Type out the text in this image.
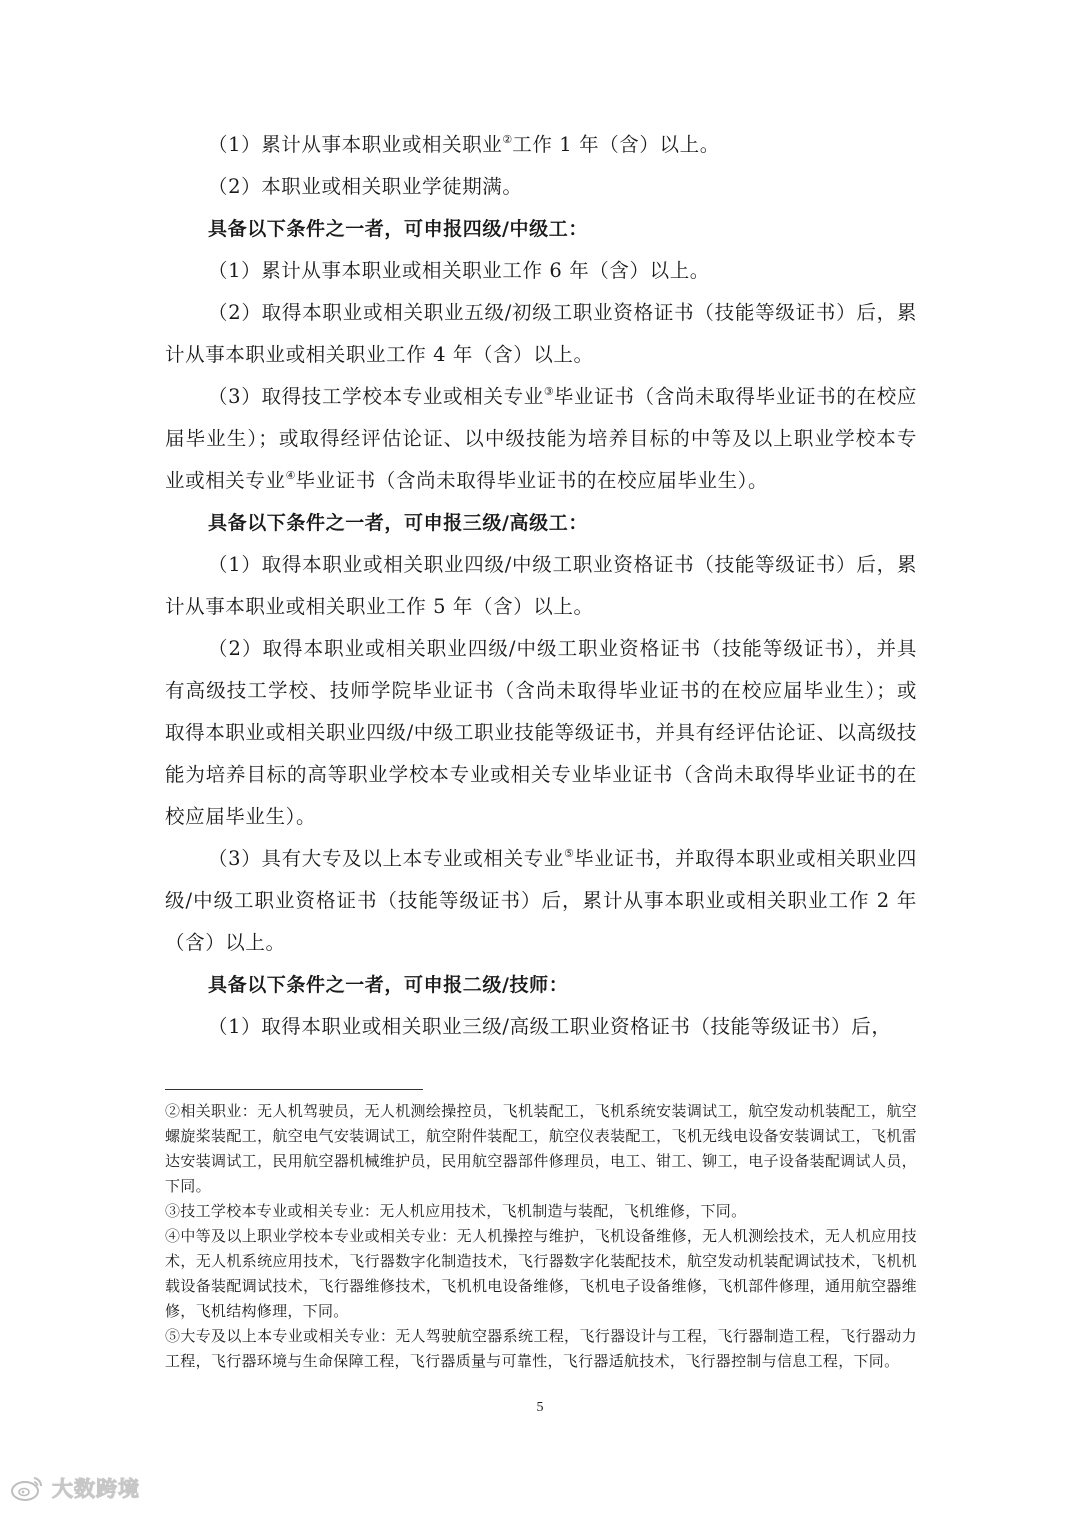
（1）累计从事本职业或相关职业②工作 1 年（含）以上。

（2）本职业或相关职业学徒期满。

具备以下条件之一者，可申报四级/中级工：

（1）累计从事本职业或相关职业工作 6 年（含）以上。

（2）取得本职业或相关职业五级/初级工职业资格证书（技能等级证书）后，累计从事本职业或相关职业工作 4 年（含）以上。

（3）取得技工学校本专业或相关专业③毕业证书（含尚未取得毕业证书的在校应届毕业生）；或取得经评估论证、以中级技能为培养目标的中等及以上职业学校本专业或相关专业④毕业证书（含尚未取得毕业证书的在校应届毕业生）。

具备以下条件之一者，可申报三级/高级工：

（1）取得本职业或相关职业四级/中级工职业资格证书（技能等级证书）后，累计从事本职业或相关职业工作 5 年（含）以上。

（2）取得本职业或相关职业四级/中级工职业资格证书（技能等级证书），并具有高级技工学校、技师学院毕业证书（含尚未取得毕业证书的在校应届毕业生）；或取得本职业或相关职业四级/中级工职业技能等级证书，并具有经评估论证、以高级技能为培养目标的高等职业学校本专业或相关专业毕业证书（含尚未取得毕业证书的在校应届毕业生）。

（3）具有大专及以上本专业或相关专业⑤毕业证书，并取得本职业或相关职业四级/中级工职业资格证书（技能等级证书）后，累计从事本职业或相关职业工作 2 年（含）以上。

具备以下条件之一者，可申报二级/技师：

（1）取得本职业或相关职业三级/高级工职业资格证书（技能等级证书）后，

②相关职业：无人机驾驶员，无人机测绘操控员，飞机装配工，飞机系统安装调试工，航空发动机装配工，航空螺旋桨装配工，航空电气安装调试工，航空附件装配工，航空仪表装配工，飞机无线电设备安装调试工，飞机雷达安装调试工，民用航空器机械维护员，民用航空器部件修理员，电工、钳工、铆工，电子设备装配调试人员，下同。

③技工学校本专业或相关专业：无人机应用技术，飞机制造与装配，飞机维修，下同。

④中等及以上职业学校本专业或相关专业：无人机操控与维护，飞机设备维修，无人机测绘技术，无人机应用技术，无人机系统应用技术，飞行器数字化制造技术，飞行器数字化装配技术，航空发动机装配调试技术，飞机机载设备装配调试技术，飞行器维修技术，飞机机电设备维修，飞机电子设备维修，飞机部件修理，通用航空器维修，飞机结构修理，下同。

⑤大专及以上本专业或相关专业：无人驾驶航空器系统工程，飞行器设计与工程，飞行器制造工程，飞行器动力工程，飞行器环境与生命保障工程，飞行器质量与可靠性，飞行器适航技术，飞行器控制与信息工程，下同。

5
大数跨境
